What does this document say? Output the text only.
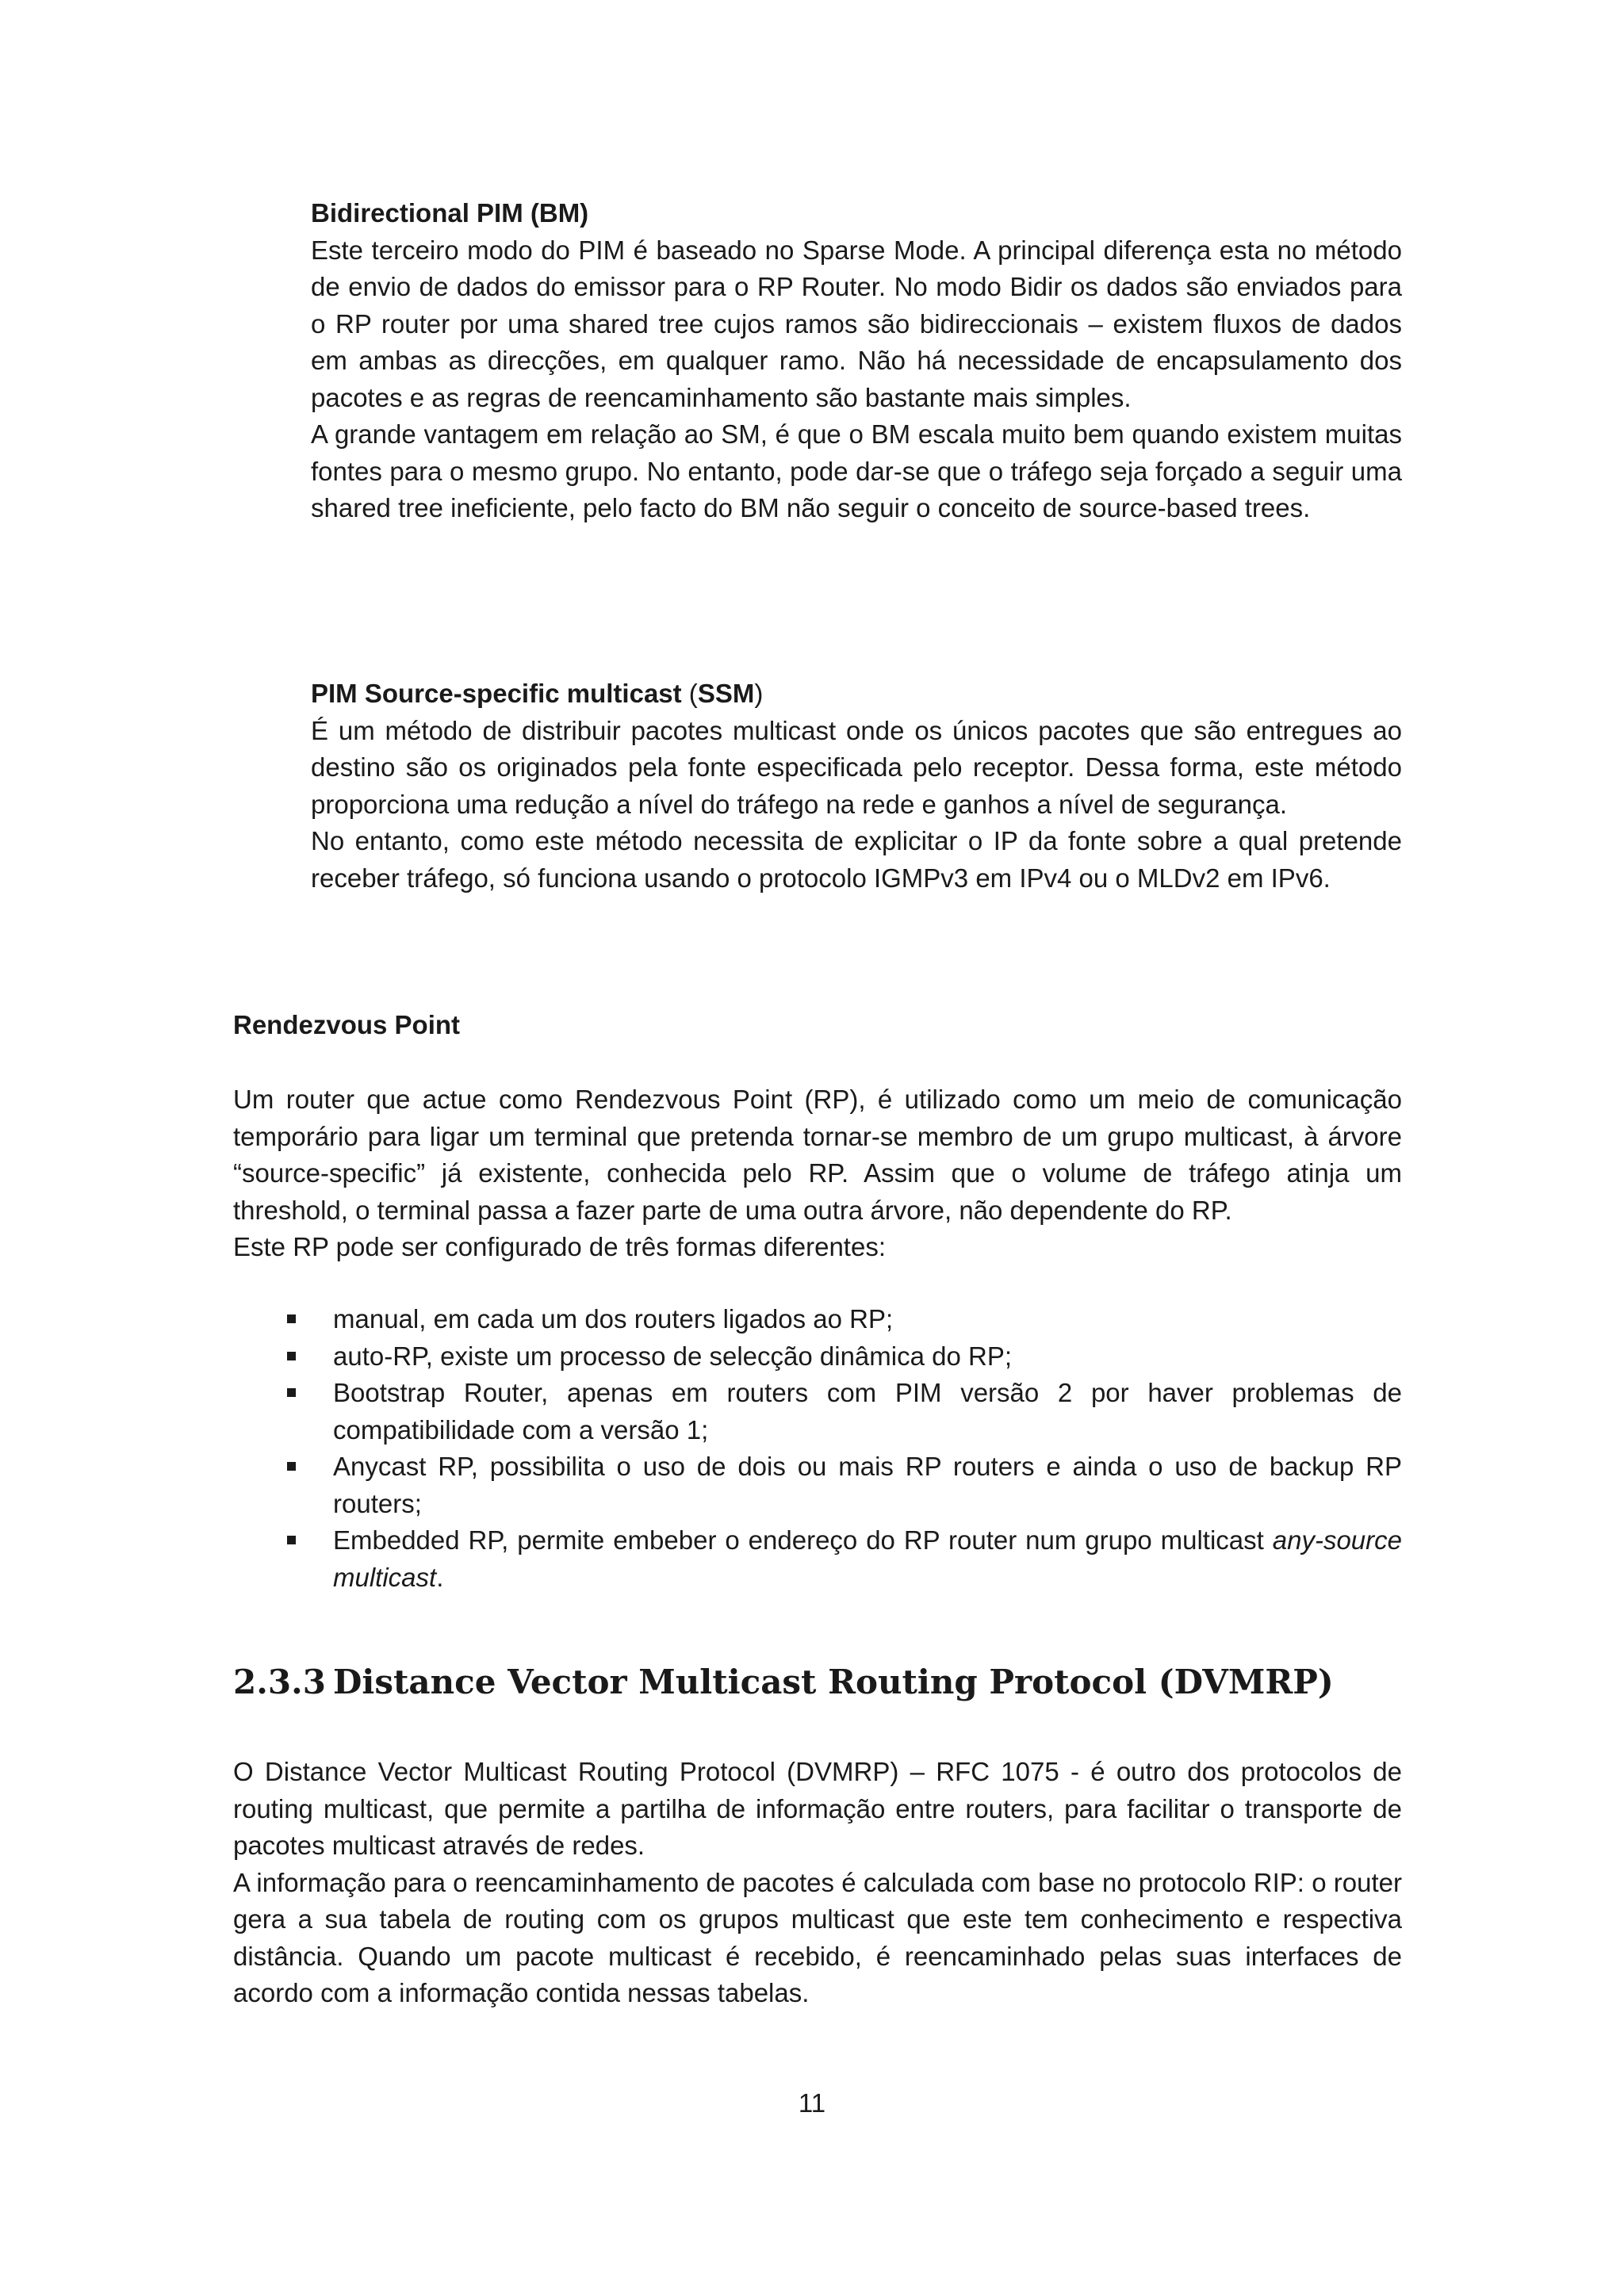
Bidirectional PIM (BM)

Este terceiro modo do PIM é baseado no Sparse Mode. A principal diferença esta no método de envio de dados do emissor para o RP Router. No modo Bidir os dados são enviados para o RP router por uma shared tree cujos ramos são bidireccionais – existem fluxos de dados em ambas as direcções, em qualquer ramo. Não há necessidade de encapsulamento dos pacotes e as regras de reencaminhamento são bastante mais simples.

A grande vantagem em relação ao SM, é que o BM escala muito bem quando existem muitas fontes para o mesmo grupo. No entanto, pode dar-se que o tráfego seja forçado a seguir uma shared tree ineficiente, pelo facto do BM não seguir o conceito de source-based trees.

PIM Source-specific multicast (SSM)

É um método de distribuir pacotes multicast onde os únicos pacotes que são entregues ao destino são os originados pela fonte especificada pelo receptor. Dessa forma, este método proporciona uma redução a nível do tráfego na rede e ganhos a nível de segurança.

No entanto, como este método necessita de explicitar o IP da fonte sobre a qual pretende receber tráfego, só funciona usando o protocolo IGMPv3 em IPv4 ou o MLDv2 em IPv6.

Rendezvous Point

Um router que actue como Rendezvous Point (RP), é utilizado como um meio de comunicação temporário para ligar um terminal que pretenda tornar-se membro de um grupo multicast, à árvore “source-specific” já existente, conhecida pelo RP. Assim que o volume de tráfego atinja um threshold, o terminal passa a fazer parte de uma outra árvore, não dependente do RP.

Este RP pode ser configurado de três formas diferentes:

manual, em cada um dos routers ligados ao RP;
auto-RP, existe um processo de selecção dinâmica do RP;
Bootstrap Router, apenas em routers com PIM versão 2 por haver problemas de compatibilidade com a versão 1;
Anycast RP, possibilita o uso de dois ou mais RP routers e ainda o uso de backup RP routers;
Embedded RP, permite embeber o endereço do RP router num grupo multicast any-source multicast.
2.3.3 Distance Vector Multicast Routing Protocol (DVMRP)

O Distance Vector Multicast Routing Protocol (DVMRP) – RFC 1075 - é outro dos protocolos de routing multicast, que permite a partilha de informação entre routers, para facilitar o transporte de pacotes multicast através de redes.

A informação para o reencaminhamento de pacotes é calculada com base no protocolo RIP: o router gera a sua tabela de routing com os grupos multicast que este tem conhecimento e respectiva distância. Quando um pacote multicast é recebido, é reencaminhado pelas suas interfaces de acordo com a informação contida nessas tabelas.

11
